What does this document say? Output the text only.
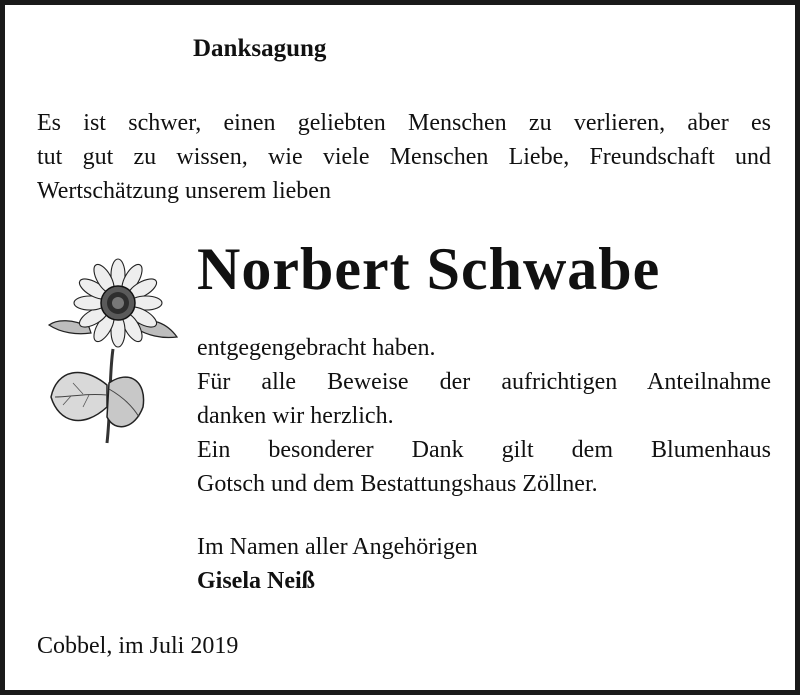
Danksagung
Es ist schwer, einen geliebten Menschen zu verlieren, aber es
tut gut zu wissen, wie viele Menschen Liebe, Freundschaft und
Wertschätzung unserem lieben
Norbert Schwabe
entgegengebracht haben.
Für alle Beweise der aufrichtigen Anteilnahme
danken wir herzlich.
Ein besonderer Dank gilt dem Blumenhaus
Gotsch und dem Bestattungshaus Zöllner.
Im Namen aller Angehörigen
Gisela Neiß
Cobbel, im Juli 2019
